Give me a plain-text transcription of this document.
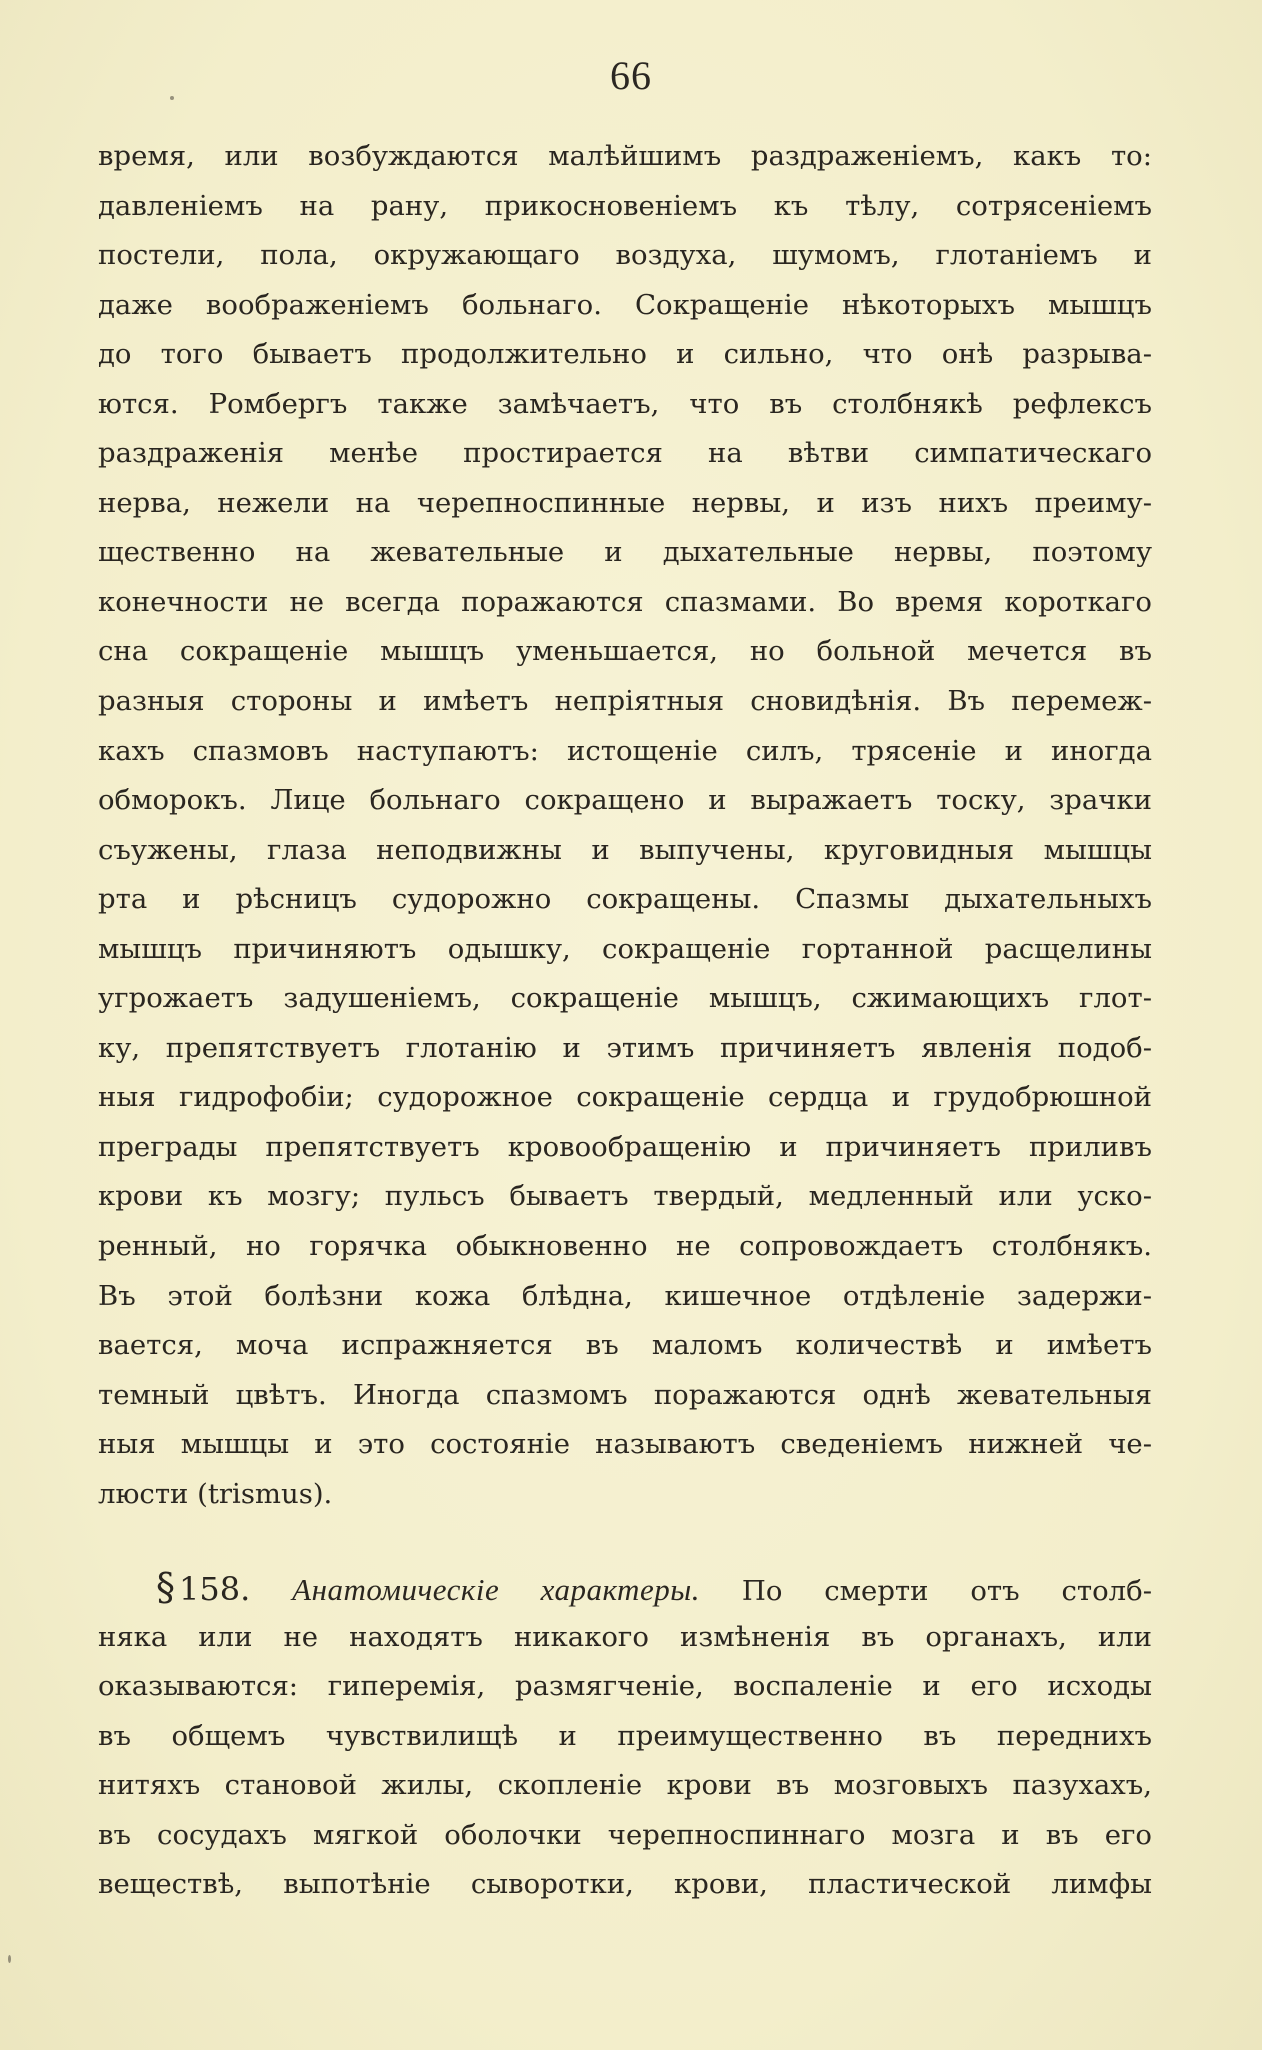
66
время, или возбуждаются малѣйшимъ раздраженіемъ, какъ то:
давленіемъ на рану, прикосновеніемъ къ тѣлу, сотрясеніемъ
постели, пола, окружающаго воздуха, шумомъ, глотаніемъ и
даже воображеніемъ больнаго. Сокращеніе нѣкоторыхъ мышцъ
до того бываетъ продолжительно и сильно, что онѣ разрыва-
ются. Ромбергъ также замѣчаетъ, что въ столбнякѣ рефлексъ
раздраженія менѣе простирается на вѣтви симпатическаго
нерва, нежели на черепноспинные нервы, и изъ нихъ преиму-
щественно на жевательные и дыхательные нервы, поэтому
конечности не всегда поражаются спазмами. Во время короткаго
сна сокращеніе мышцъ уменьшается, но больной мечется въ
разныя стороны и имѣетъ непріятныя сновидѣнія. Въ перемеж-
кахъ спазмовъ наступаютъ: истощеніе силъ, трясеніе и иногда
обморокъ. Лице больнаго сокращено и выражаетъ тоску, зрачки
съужены, глаза неподвижны и выпучены, круговидныя мышцы
рта и рѣсницъ судорожно сокращены. Спазмы дыхательныхъ
мышцъ причиняютъ одышку, сокращеніе гортанной расщелины
угрожаетъ задушеніемъ, сокращеніе мышцъ, сжимающихъ глот-
ку, препятствуетъ глотанію и этимъ причиняетъ явленія подоб-
ныя гидрофобіи; судорожное сокращеніе сердца и грудобрюшной
преграды препятствуетъ кровообращенію и причиняетъ приливъ
крови къ мозгу; пульсъ бываетъ твердый, медленный или уско-
ренный, но горячка обыкновенно не сопровождаетъ столбнякъ.
Въ этой болѣзни кожа блѣдна, кишечное отдѣленіе задержи-
вается, моча испражняется въ маломъ количествѣ и имѣетъ
темный цвѣтъ. Иногда спазмомъ поражаются однѣ жевательныя
ныя мышцы и это состояніе называютъ сведеніемъ нижней че-
люсти (trismus).
§ 158. Анатомическіе характеры. По смерти отъ столб-
няка или не находятъ никакого измѣненія въ органахъ, или
оказываются: гиперемія, размягченіе, воспаленіе и его исходы
въ общемъ чувствилищѣ и преимущественно въ переднихъ
нитяхъ становой жилы, скопленіе крови въ мозговыхъ пазухахъ,
въ сосудахъ мягкой оболочки черепноспиннаго мозга и въ его
веществѣ, выпотѣніе сыворотки, крови, пластической лимфы
